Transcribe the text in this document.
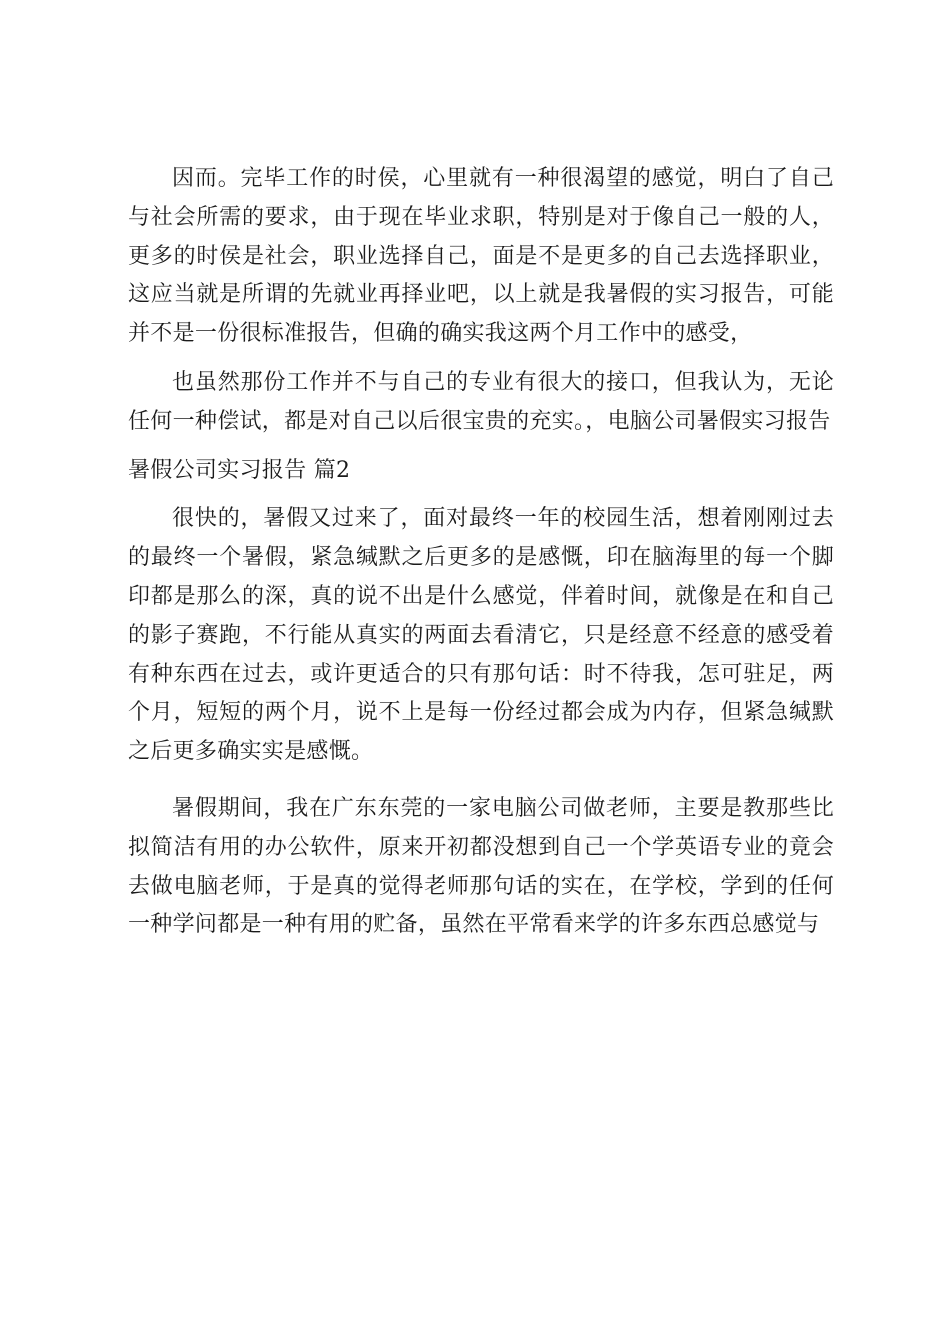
因而。完毕工作的时侯，心里就有一种很渴望的感觉，明白了自己与社会所需的要求，由于现在毕业求职，特别是对于像自己一般的人，更多的时侯是社会，职业选择自己，面是不是更多的自己去选择职业，这应当就是所谓的先就业再择业吧，以上就是我暑假的实习报告，可能并不是一份很标准报告，但确的确实我这两个月工作中的感受，

也虽然那份工作并不与自己的专业有很大的接口，但我认为，无论任何一种偿试，都是对自己以后很宝贵的充实。，电脑公司暑假实习报告

暑假公司实习报告 篇2

很快的，暑假又过来了，面对最终一年的校园生活，想着刚刚过去的最终一个暑假，紧急缄默之后更多的是感慨，印在脑海里的每一个脚印都是那么的深，真的说不出是什么感觉，伴着时间，就像是在和自己的影子赛跑，不行能从真实的两面去看清它，只是经意不经意的感受着有种东西在过去，或许更适合的只有那句话：时不待我，怎可驻足，两个月，短短的两个月，说不上是每一份经过都会成为内存，但紧急缄默之后更多确实实是感慨。

暑假期间，我在广东东莞的一家电脑公司做老师，主要是教那些比拟简洁有用的办公软件，原来开初都没想到自己一个学英语专业的竟会去做电脑老师，于是真的觉得老师那句话的实在，在学校，学到的任何一种学问都是一种有用的贮备，虽然在平常看来学的许多东西总感觉与
